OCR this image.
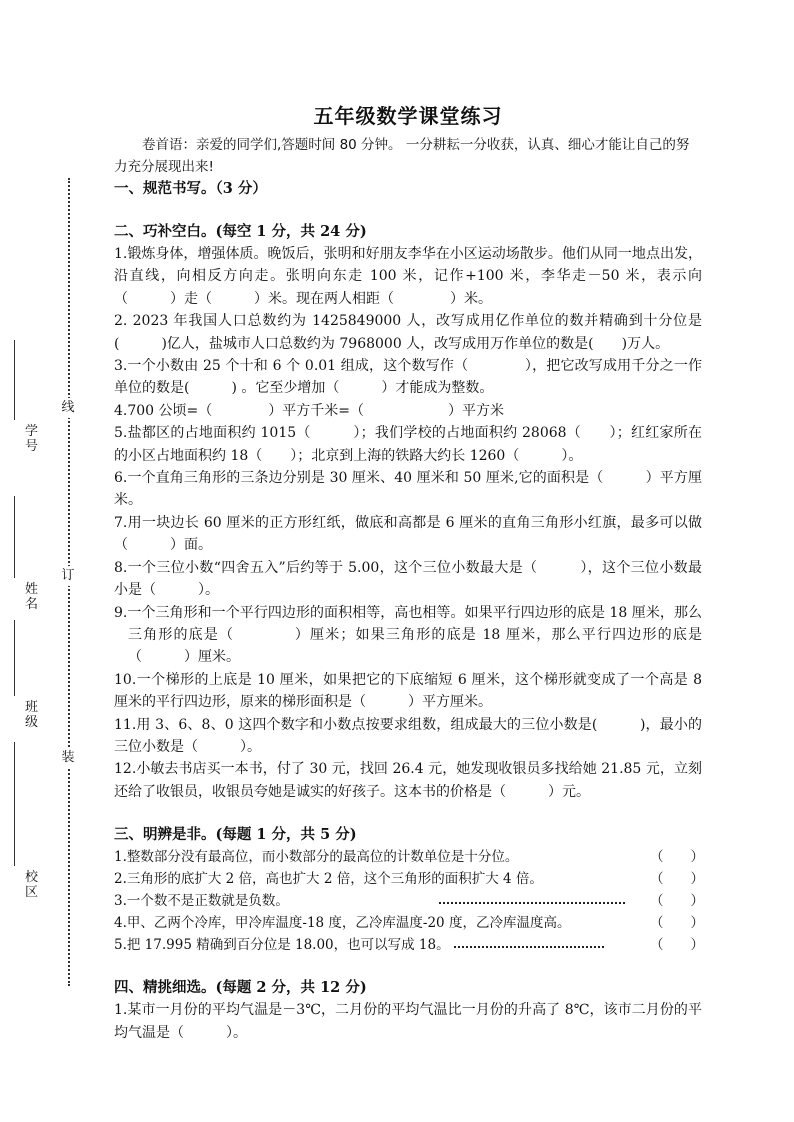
线
订
装
学号
姓名
班级
校区
五年级数学课堂练习

卷首语：亲爱的同学们,答题时间 80 分钟。 一分耕耘一分收获，认真、细心才能让自己的努力充分展现出来!

一、规范书写。（3 分）

二、巧补空白。(每空 1 分，共 24 分)

1.锻炼身体，增强体质。晚饭后，张明和好朋友李华在小区运动场散步。他们从同一地点出发，沿直线，向相反方向走。张明向东走 100 米，记作+100 米，李华走－50 米，表示向（　　　）走（　　　）米。现在两人相距（　　　　）米。

2. 2023 年我国人口总数约为 1425849000 人，改写成用亿作单位的数并精确到十分位是(　　　)亿人，盐城市人口总数约为 7968000 人，改写成用万作单位的数是(　　)万人。

3.一个小数由 25 个十和 6 个 0.01 组成，这个数写作（　　　　），把它改写成用千分之一作单位的数是(　　　) 。它至少增加（　　　）才能成为整数。

4.700 公顷=（　　　　）平方千米=（　　　　　　）平方米

5.盐都区的占地面积约 1015（　　　）；我们学校的占地面积约 28068（　　）；红红家所在的小区占地面积约 18（　　）；北京到上海的铁路大约长 1260（　　　）。

6.一个直角三角形的三条边分别是 30 厘米、40 厘米和 50 厘米,它的面积是（　　　）平方厘米。

7.用一块边长 60 厘米的正方形红纸，做底和高都是 6 厘米的直角三角形小红旗，最多可以做（　　　）面。

8.一个三位小数“四舍五入”后约等于 5.00，这个三位小数最大是（　　　），这个三位小数最小是（　　　）。

9.一个三角形和一个平行四边形的面积相等，高也相等。如果平行四边形的底是 18 厘米，那么三角形的底是（　　　　）厘米；如果三角形的底是 18 厘米，那么平行四边形的底是（　　　）厘米。

10.一个梯形的上底是 10 厘米，如果把它的下底缩短 6 厘米，这个梯形就变成了一个高是 8 厘米的平行四边形，原来的梯形面积是（　　　）平方厘米。

11.用 3、6、8、0 这四个数字和小数点按要求组数，组成最大的三位小数是(　　　)，最小的三位小数是（　　　）。

12.小敏去书店买一本书，付了 30 元，找回 26.4 元，她发现收银员多找给她 21.85 元，立刻还给了收银员，收银员夸她是诚实的好孩子。这本书的价格是（　　　）元。

三、明辨是非。(每题 1 分，共 5 分)

1.整数部分没有最高位，而小数部分的最高位的计数单位是十分位。	（　　）
2.三角形的底扩大 2 倍，高也扩大 2 倍，这个三角形的面积扩大 4 倍。	（　　）
3.一个数不是正数就是负数。	（　　）
4.甲、乙两个冷库，甲冷库温度-18 度，乙冷库温度-20 度，乙冷库温度高。	（　　）
5.把 17.995 精确到百分位是 18.00，也可以写成 18。	（　　）

四、精挑细选。(每题 2 分，共 12 分)

1.某市一月份的平均气温是－3℃，二月份的平均气温比一月份的升高了 8℃，该市二月份的平均气温是（　　　）。
